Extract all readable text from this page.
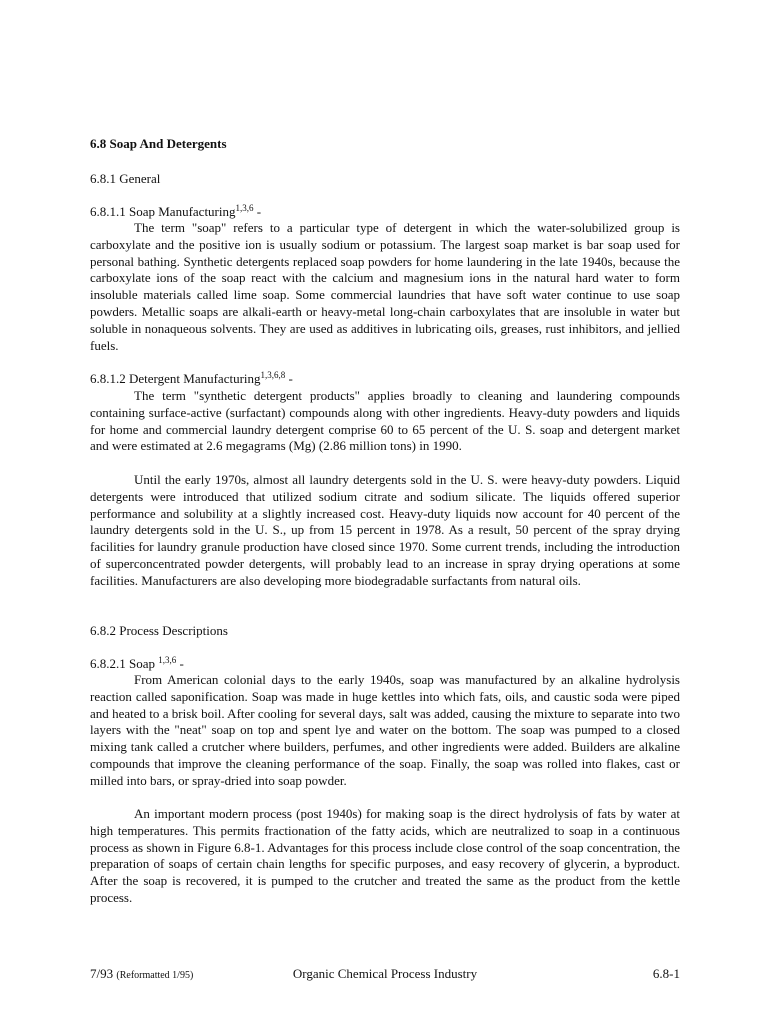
6.8 Soap And Detergents
6.8.1 General
6.8.1.1 Soap Manufacturing$^{1,3,6}$ -
The term "soap" refers to a particular type of detergent in which the water-solubilized group is carboxylate and the positive ion is usually sodium or potassium. The largest soap market is bar soap used for personal bathing. Synthetic detergents replaced soap powders for home laundering in the late 1940s, because the carboxylate ions of the soap react with the calcium and magnesium ions in the natural hard water to form insoluble materials called lime soap. Some commercial laundries that have soft water continue to use soap powders. Metallic soaps are alkali-earth or heavy-metal long-chain carboxylates that are insoluble in water but soluble in nonaqueous solvents. They are used as additives in lubricating oils, greases, rust inhibitors, and jellied fuels.
6.8.1.2 Detergent Manufacturing$^{1,3,6,8}$ -
The term "synthetic detergent products" applies broadly to cleaning and laundering compounds containing surface-active (surfactant) compounds along with other ingredients. Heavy-duty powders and liquids for home and commercial laundry detergent comprise 60 to 65 percent of the U. S. soap and detergent market and were estimated at 2.6 megagrams (Mg) (2.86 million tons) in 1990.
Until the early 1970s, almost all laundry detergents sold in the U. S. were heavy-duty powders. Liquid detergents were introduced that utilized sodium citrate and sodium silicate. The liquids offered superior performance and solubility at a slightly increased cost. Heavy-duty liquids now account for 40 percent of the laundry detergents sold in the U. S., up from 15 percent in 1978. As a result, 50 percent of the spray drying facilities for laundry granule production have closed since 1970. Some current trends, including the introduction of superconcentrated powder detergents, will probably lead to an increase in spray drying operations at some facilities. Manufacturers are also developing more biodegradable surfactants from natural oils.
6.8.2 Process Descriptions
6.8.2.1 Soap $^{1,3,6}$ -
From American colonial days to the early 1940s, soap was manufactured by an alkaline hydrolysis reaction called saponification. Soap was made in huge kettles into which fats, oils, and caustic soda were piped and heated to a brisk boil. After cooling for several days, salt was added, causing the mixture to separate into two layers with the "neat" soap on top and spent lye and water on the bottom. The soap was pumped to a closed mixing tank called a crutcher where builders, perfumes, and other ingredients were added. Builders are alkaline compounds that improve the cleaning performance of the soap. Finally, the soap was rolled into flakes, cast or milled into bars, or spray-dried into soap powder.
An important modern process (post 1940s) for making soap is the direct hydrolysis of fats by water at high temperatures. This permits fractionation of the fatty acids, which are neutralized to soap in a continuous process as shown in Figure 6.8-1. Advantages for this process include close control of the soap concentration, the preparation of soaps of certain chain lengths for specific purposes, and easy recovery of glycerin, a byproduct. After the soap is recovered, it is pumped to the crutcher and treated the same as the product from the kettle process.
7/93 (Reformatted 1/95)	Organic Chemical Process Industry	6.8-1
